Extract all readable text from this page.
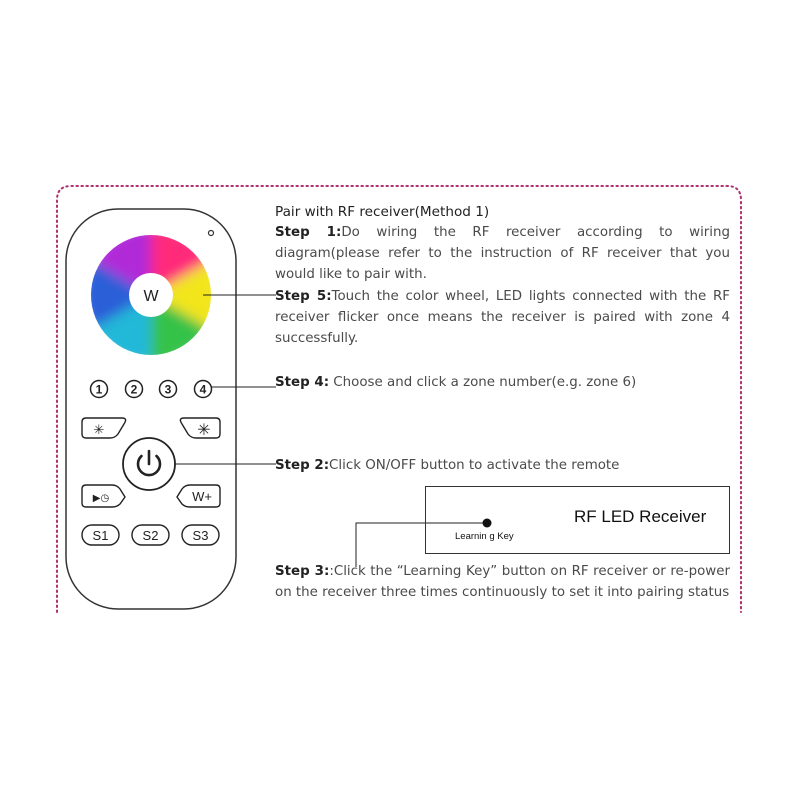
W
1 2 3 4
✳	✳
▶◷	W+
S1	S2	S3
Pair with RF receiver(Method 1)
Step 1:Do wiring the RF receiver according to wiring diagram(please refer to the instruction of RF receiver that you would like to pair with.
Step 5:Touch the color wheel, LED lights connected with the RF receiver flicker once means the receiver is paired with zone 4 successfully.
Step 4: Choose and click a zone number(e.g. zone 6)
Step 2:Click ON/OFF button to activate the remote
RF LED Receiver
Learnin g Key
Step 3::Click the “Learning Key” button on RF receiver or re-power on the receiver three times continuously to set it into pairing status
